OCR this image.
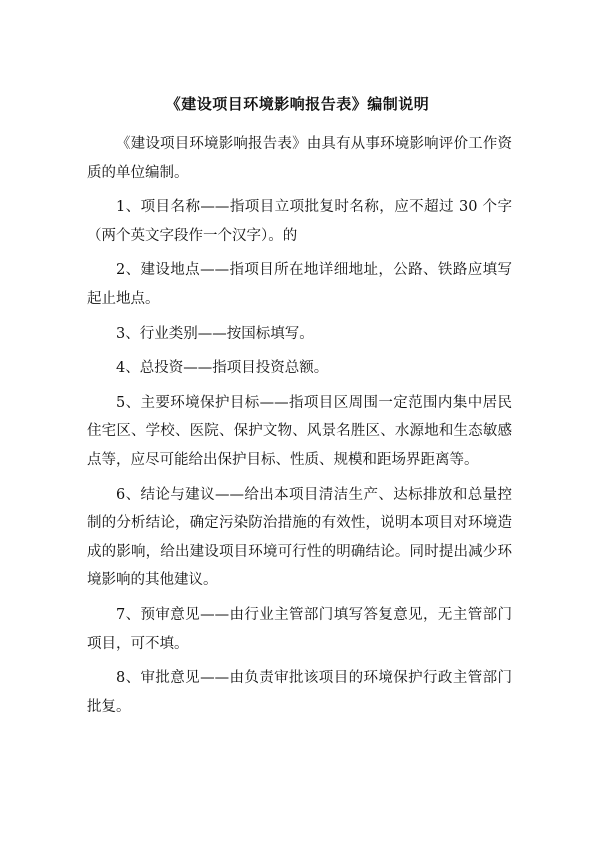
《建设项目环境影响报告表》编制说明

《建设项目环境影响报告表》由具有从事环境影响评价工作资质的单位编制。

1、项目名称——指项目立项批复时名称，应不超过 30 个字（两个英文字段作一个汉字）。的

2、建设地点——指项目所在地详细地址，公路、铁路应填写起止地点。

3、行业类别——按国标填写。

4、总投资——指项目投资总额。

5、主要环境保护目标——指项目区周围一定范围内集中居民住宅区、学校、医院、保护文物、风景名胜区、水源地和生态敏感点等，应尽可能给出保护目标、性质、规模和距场界距离等。

6、结论与建议——给出本项目清洁生产、达标排放和总量控制的分析结论，确定污染防治措施的有效性，说明本项目对环境造成的影响，给出建设项目环境可行性的明确结论。同时提出减少环境影响的其他建议。

7、预审意见——由行业主管部门填写答复意见，无主管部门项目，可不填。

8、审批意见——由负责审批该项目的环境保护行政主管部门批复。
